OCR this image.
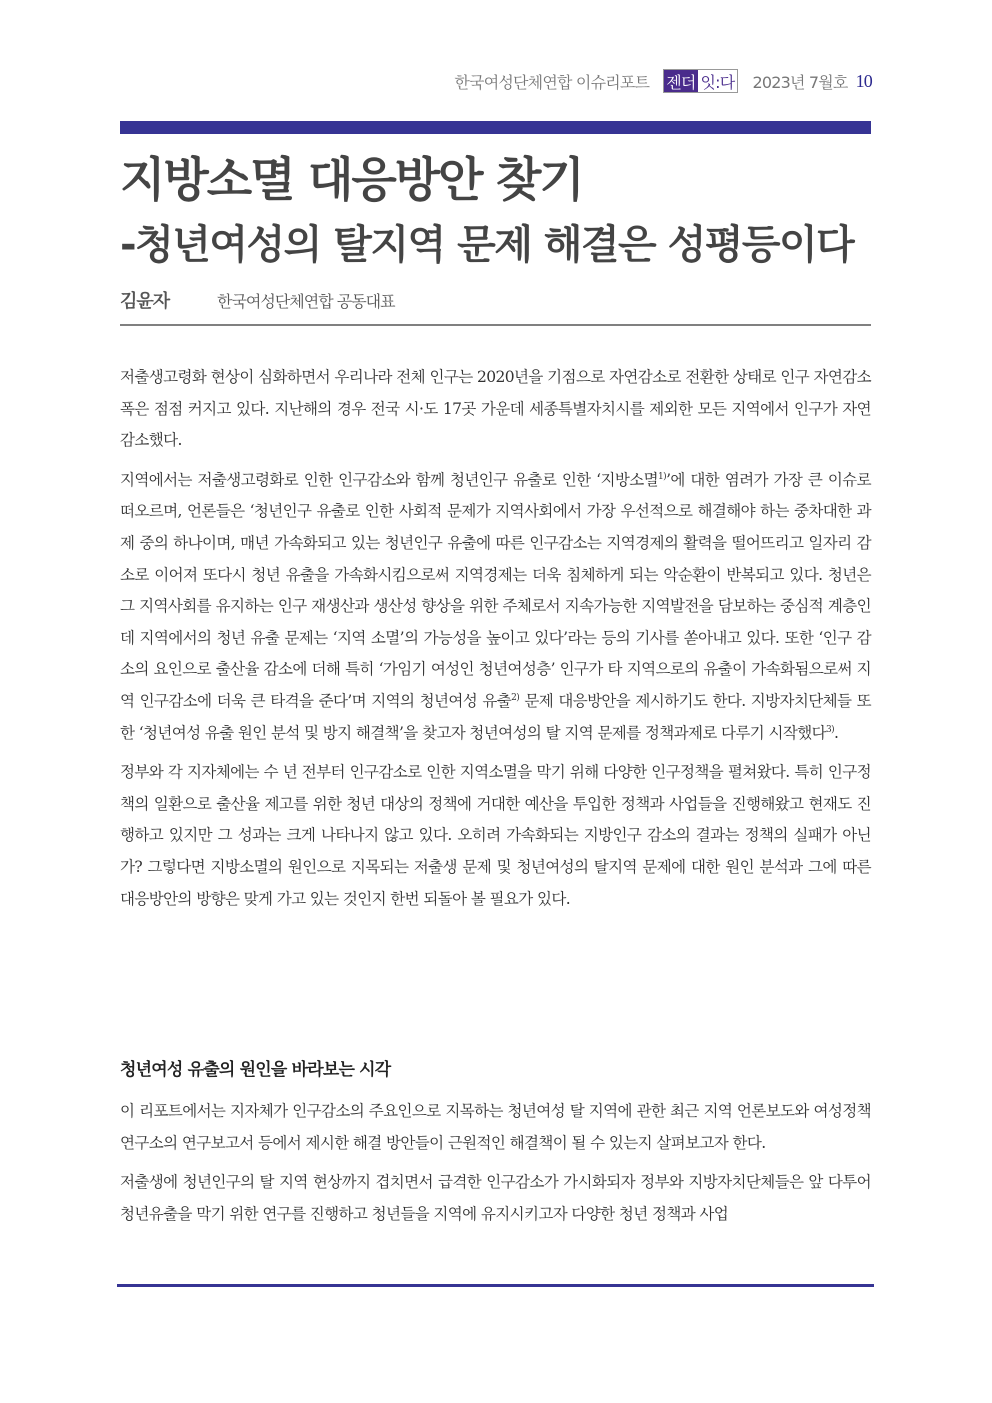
한국여성단체연합 이슈리포트 젠더 잇:다 2023년 7월호 10
지방소멸 대응방안 찾기
-청년여성의 탈지역 문제 해결은 성평등이다
김윤자	한국여성단체연합 공동대표

저출생고령화 현상이 심화하면서 우리나라 전체 인구는 2020년을 기점으로 자연감소로 전환한 상태로 인구 자연감소 폭은 점점 커지고 있다. 지난해의 경우 전국 시·도 17곳 가운데 세종특별자치시를 제외한 모든 지역에서 인구가 자연 감소했다.

지역에서는 저출생고령화로 인한 인구감소와 함께 청년인구 유출로 인한 ‘지방소멸$^{1)}$’에 대한 염려가 가장 큰 이슈로 떠오르며, 언론들은 ‘청년인구 유출로 인한 사회적 문제가 지역사회에서 가장 우선적으로 해결해야 하는 중차대한 과제 중의 하나이며, 매년 가속화되고 있는 청년인구 유출에 따른 인구감소는 지역경제의 활력을 떨어뜨리고 일자리 감소로 이어져 또다시 청년 유출을 가속화시킴으로써 지역경제는 더욱 침체하게 되는 악순환이 반복되고 있다. 청년은 그 지역사회를 유지하는 인구 재생산과 생산성 향상을 위한 주체로서 지속가능한 지역발전을 담보하는 중심적 계층인데 지역에서의 청년 유출 문제는 ‘지역 소멸’의 가능성을 높이고 있다’라는 등의 기사를 쏟아내고 있다. 또한 ‘인구 감소의 요인으로 출산율 감소에 더해 특히 ‘가임기 여성인 청년여성층’ 인구가 타 지역으로의 유출이 가속화됨으로써 지역 인구감소에 더욱 큰 타격을 준다’며 지역의 청년여성 유출$^{2)}$ 문제 대응방안을 제시하기도 한다. 지방자치단체들 또한 ‘청년여성 유출 원인 분석 및 방지 해결책’을 찾고자 청년여성의 탈 지역 문제를 정책과제로 다루기 시작했다$^{3)}$.

정부와 각 지자체에는 수 년 전부터 인구감소로 인한 지역소멸을 막기 위해 다양한 인구정책을 펼쳐왔다. 특히 인구정책의 일환으로 출산율 제고를 위한 청년 대상의 정책에 거대한 예산을 투입한 정책과 사업들을 진행해왔고 현재도 진행하고 있지만 그 성과는 크게 나타나지 않고 있다. 오히려 가속화되는 지방인구 감소의 결과는 정책의 실패가 아닌가? 그렇다면 지방소멸의 원인으로 지목되는 저출생 문제 및 청년여성의 탈지역 문제에 대한 원인 분석과 그에 따른 대응방안의 방향은 맞게 가고 있는 것인지 한번 되돌아 볼 필요가 있다.

청년여성 유출의 원인을 바라보는 시각

이 리포트에서는 지자체가 인구감소의 주요인으로 지목하는 청년여성 탈 지역에 관한 최근 지역 언론보도와 여성정책연구소의 연구보고서 등에서 제시한 해결 방안들이 근원적인 해결책이 될 수 있는지 살펴보고자 한다.

저출생에 청년인구의 탈 지역 현상까지 겹치면서 급격한 인구감소가 가시화되자 정부와 지방자치단체들은 앞 다투어 청년유출을 막기 위한 연구를 진행하고 청년들을 지역에 유지시키고자 다양한 청년 정책과 사업
